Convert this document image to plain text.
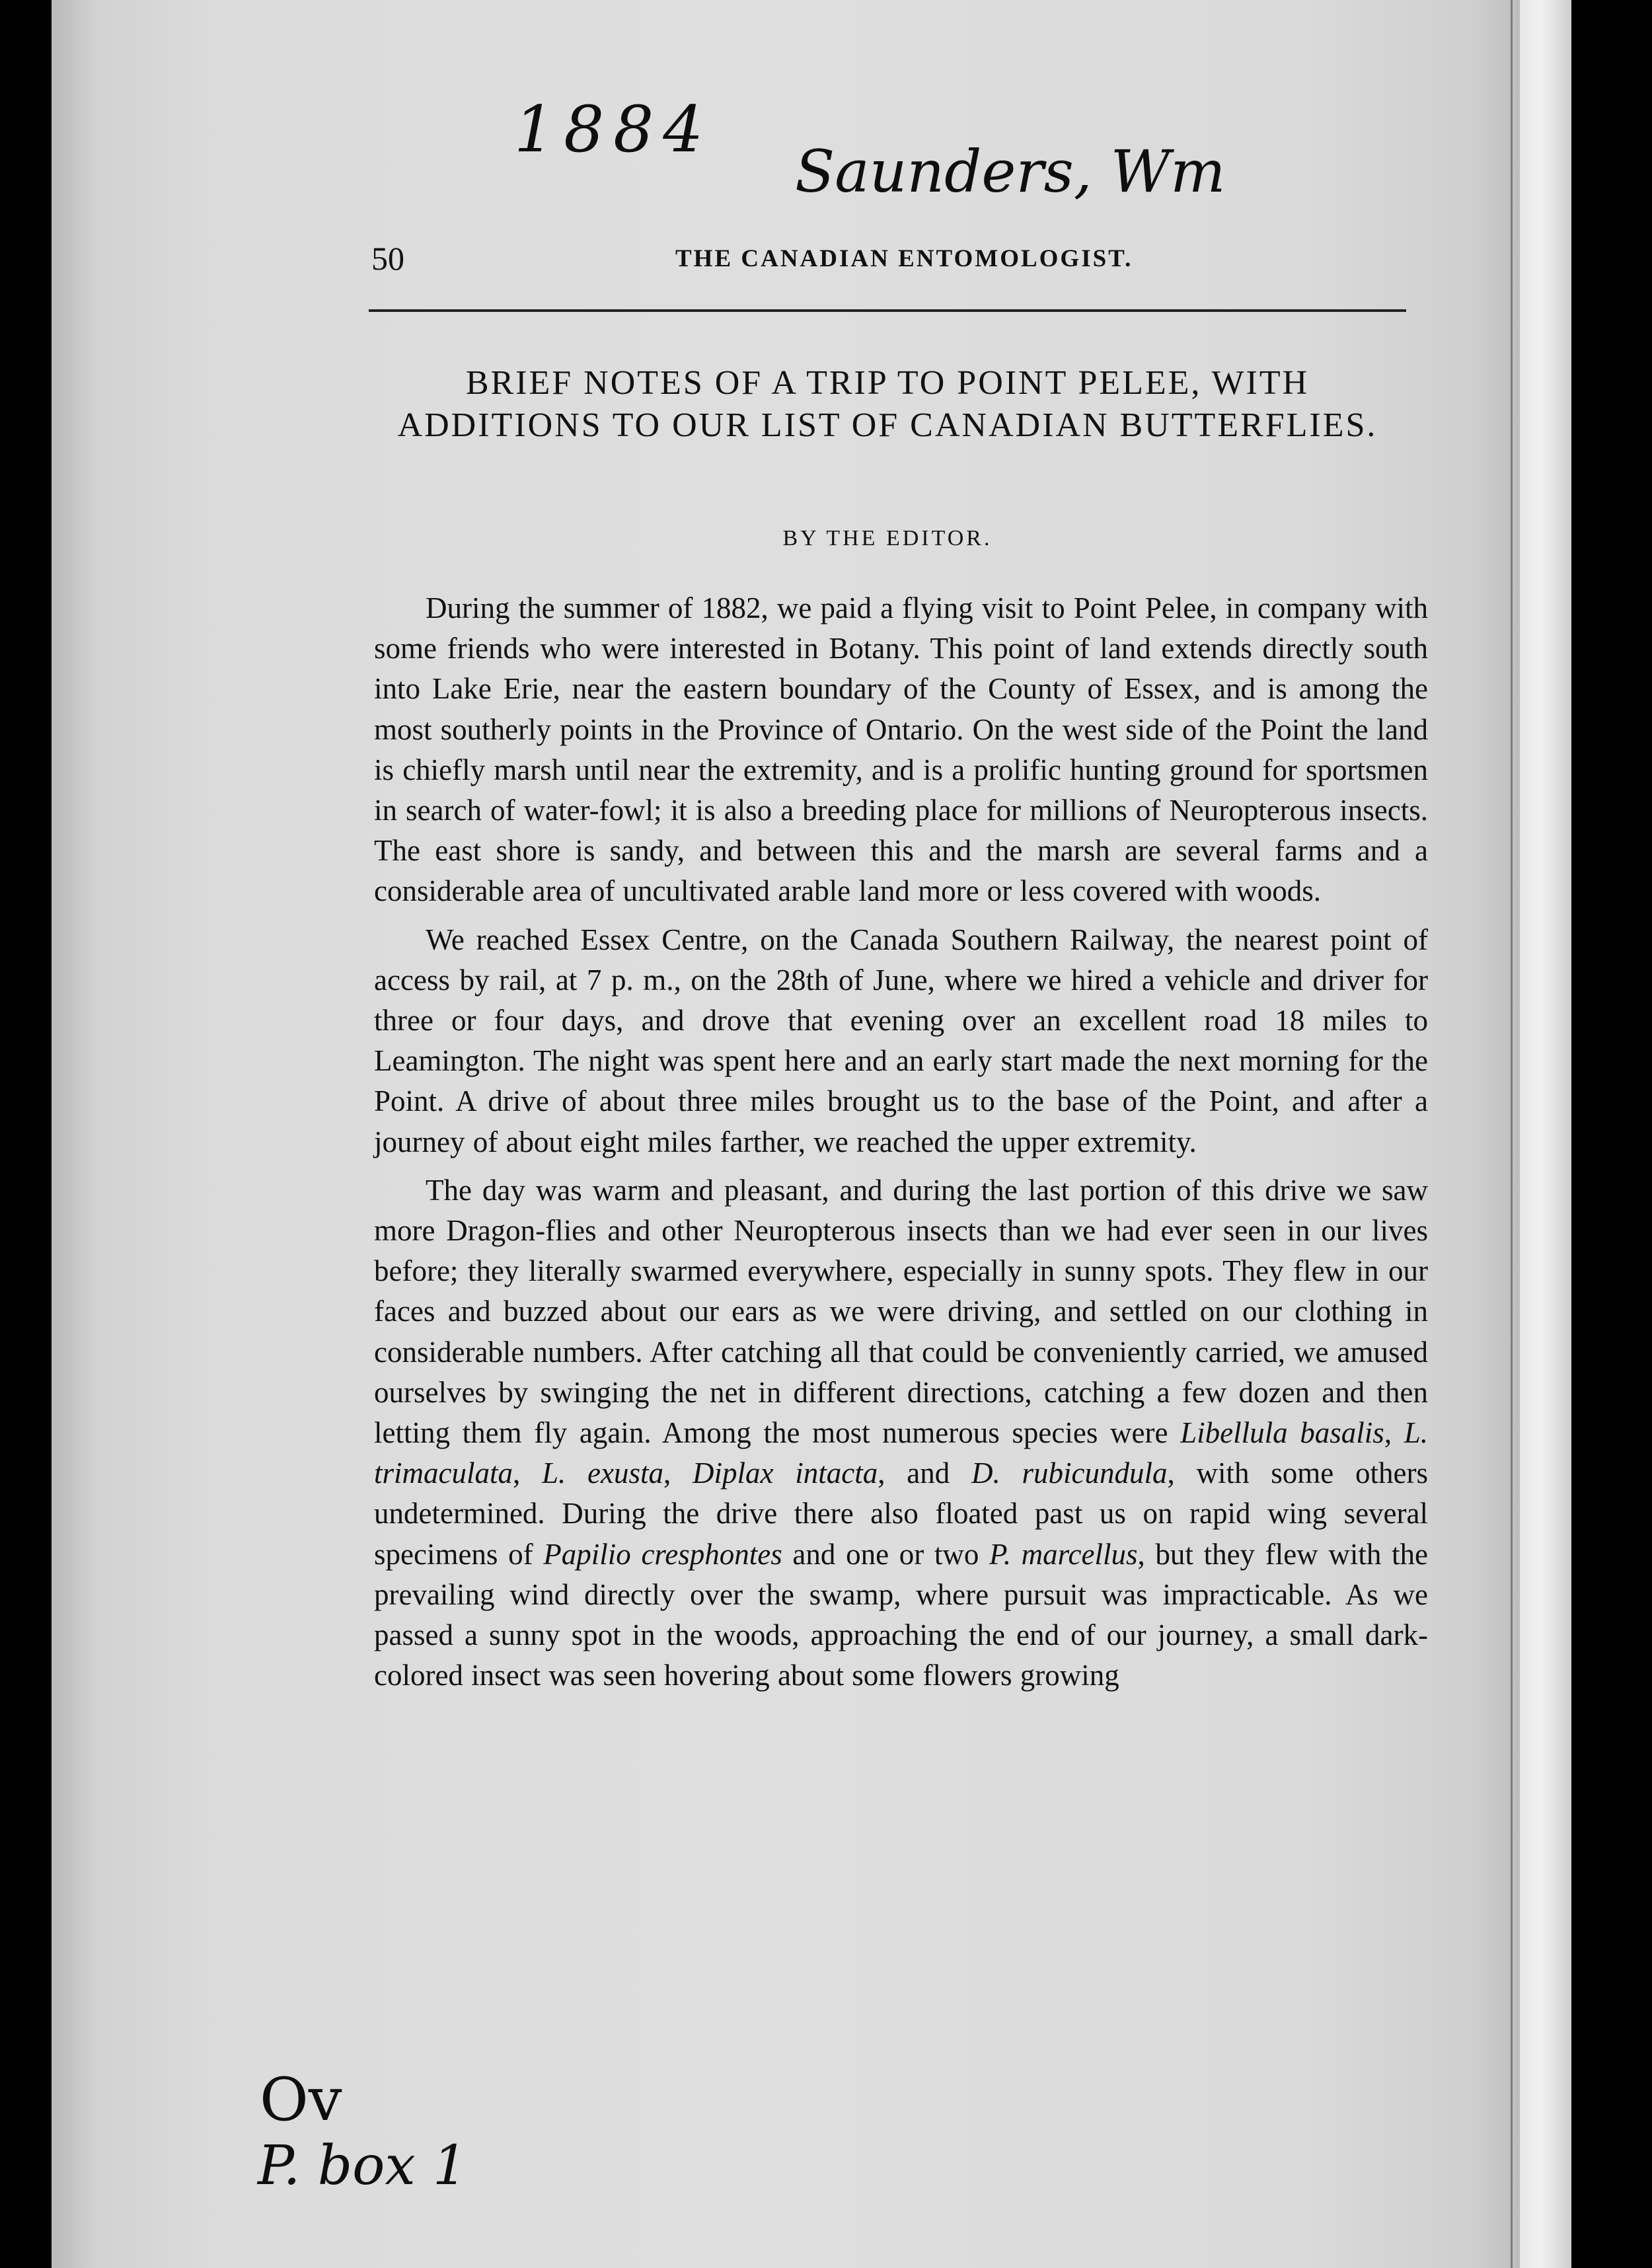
1884
Saunders, Wm
50	THE CANADIAN ENTOMOLOGIST.
BRIEF NOTES OF A TRIP TO POINT PELEE, WITH ADDITIONS TO OUR LIST OF CANADIAN BUTTERFLIES.
BY THE EDITOR.

During the summer of 1882, we paid a flying visit to Point Pelee, in company with some friends who were interested in Botany. This point of land extends directly south into Lake Erie, near the eastern boundary of the County of Essex, and is among the most southerly points in the Province of Ontario. On the west side of the Point the land is chiefly marsh until near the extremity, and is a prolific hunting ground for sportsmen in search of water-fowl; it is also a breeding place for millions of Neuropterous insects. The east shore is sandy, and between this and the marsh are several farms and a considerable area of uncultivated arable land more or less covered with woods.

We reached Essex Centre, on the Canada Southern Railway, the nearest point of access by rail, at 7 p. m., on the 28th of June, where we hired a vehicle and driver for three or four days, and drove that evening over an excellent road 18 miles to Leamington. The night was spent here and an early start made the next morning for the Point. A drive of about three miles brought us to the base of the Point, and after a journey of about eight miles farther, we reached the upper extremity.

The day was warm and pleasant, and during the last portion of this drive we saw more Dragon-flies and other Neuropterous insects than we had ever seen in our lives before; they literally swarmed everywhere, especially in sunny spots. They flew in our faces and buzzed about our ears as we were driving, and settled on our clothing in considerable numbers. After catching all that could be conveniently carried, we amused ourselves by swinging the net in different directions, catching a few dozen and then letting them fly again. Among the most numerous species were Libellula basalis, L. trimaculata, L. exusta, Diplax intacta, and D. rubicundula, with some others undetermined. During the drive there also floated past us on rapid wing several specimens of Papilio cresphontes and one or two P. marcellus, but they flew with the prevailing wind directly over the swamp, where pursuit was impracticable. As we passed a sunny spot in the woods, approaching the end of our journey, a small dark-colored insect was seen hovering about some flowers growing

Ov
P. box 1
